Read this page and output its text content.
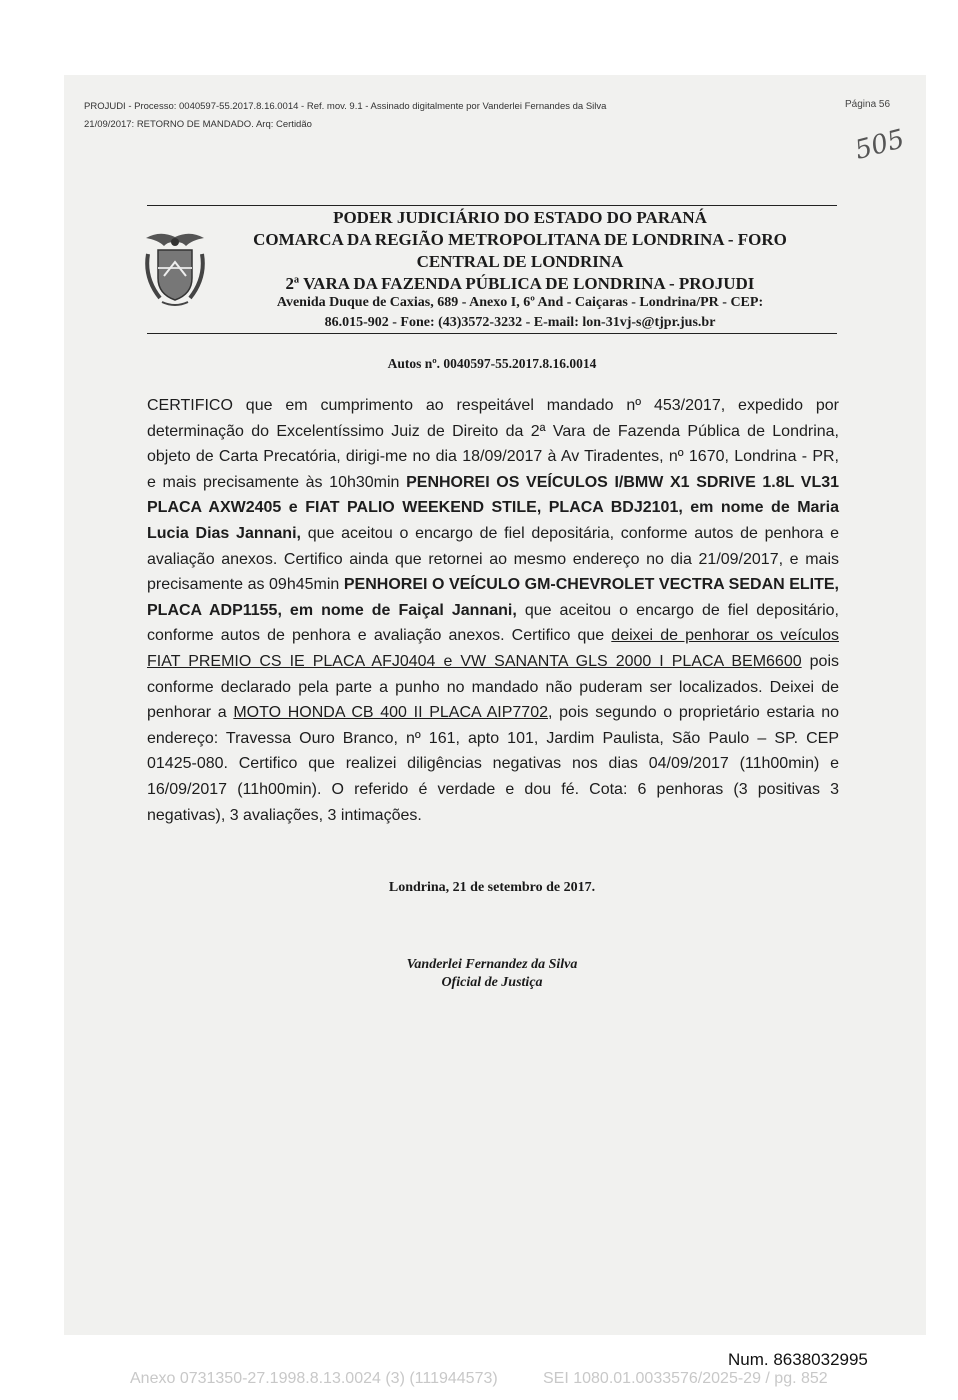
PROJUDI - Processo: 0040597-55.2017.8.16.0014 - Ref. mov. 9.1 - Assinado digitalmente por Vanderlei Fernandes da Silva
21/09/2017: RETORNO DE MANDADO. Arq: Certidão
Página 56
505
PODER JUDICIÁRIO DO ESTADO DO PARANÁ
COMARCA DA REGIÃO METROPOLITANA DE LONDRINA - FORO
CENTRAL DE LONDRINA
2ª VARA DA FAZENDA PÚBLICA DE LONDRINA - PROJUDI
Avenida Duque de Caxias, 689 - Anexo I, 6º And - Caiçaras - Londrina/PR - CEP:
86.015-902 - Fone: (43)3572-3232 - E-mail: lon-31vj-s@tjpr.jus.br
Autos nº. 0040597-55.2017.8.16.0014
CERTIFICO que em cumprimento ao respeitável mandado nº 453/2017, expedido por determinação do Excelentíssimo Juiz de Direito da 2ª Vara de Fazenda Pública de Londrina, objeto de Carta Precatória, dirigi-me no dia 18/09/2017 à Av Tiradentes, nº 1670, Londrina - PR, e mais precisamente às 10h30min PENHOREI OS VEÍCULOS I/BMW X1 SDRIVE 1.8L VL31 PLACA AXW2405 e FIAT PALIO WEEKEND STILE, PLACA BDJ2101, em nome de Maria Lucia Dias Jannani, que aceitou o encargo de fiel depositária, conforme autos de penhora e avaliação anexos. Certifico ainda que retornei ao mesmo endereço no dia 21/09/2017, e mais precisamente as 09h45min PENHOREI O VEÍCULO GM-CHEVROLET VECTRA SEDAN ELITE, PLACA ADP1155, em nome de Faiçal Jannani, que aceitou o encargo de fiel depositário, conforme autos de penhora e avaliação anexos. Certifico que deixei de penhorar os veículos FIAT PREMIO CS IE PLACA AFJ0404 e VW SANANTA GLS 2000 I PLACA BEM6600 pois conforme declarado pela parte a punho no mandado não puderam ser localizados. Deixei de penhorar a MOTO HONDA CB 400 II PLACA AIP7702, pois segundo o proprietário estaria no endereço: Travessa Ouro Branco, nº 161, apto 101, Jardim Paulista, São Paulo – SP. CEP 01425-080. Certifico que realizei diligências negativas nos dias 04/09/2017 (11h00min) e 16/09/2017 (11h00min). O referido é verdade e dou fé. Cota: 6 penhoras (3 positivas 3 negativas), 3 avaliações, 3 intimações.
Londrina, 21 de setembro de 2017.
Vanderlei Fernandez da Silva
Oficial de Justiça
Num. 8638032995
Anexo 0731350-27.1998.8.13.0024 (3) (111944573)	SEI 1080.01.0033576/2025-29 / pg. 852
